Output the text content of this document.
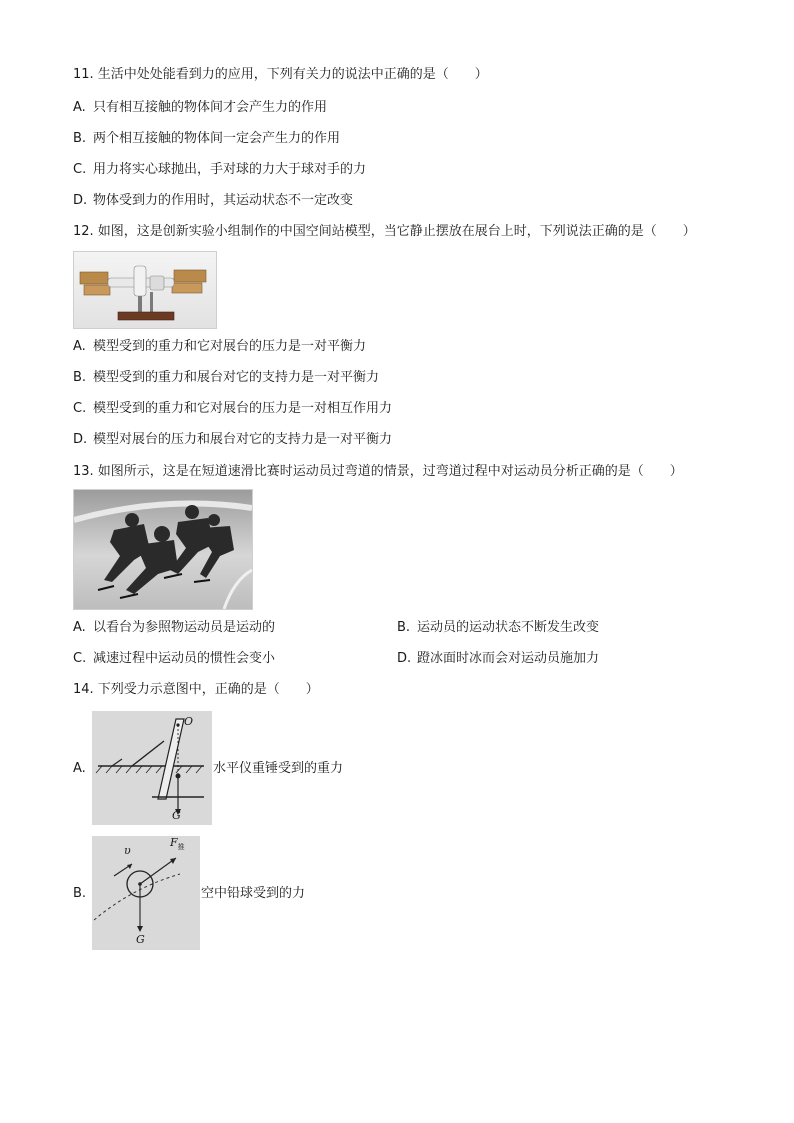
11. 生活中处处能看到力的应用，下列有关力的说法中正确的是（　　）
A. 只有相互接触的物体间才会产生力的作用
B. 两个相互接触的物体间一定会产生力的作用
C. 用力将实心球抛出，手对球的力大于球对手的力
D. 物体受到力的作用时，其运动状态不一定改变
12. 如图，这是创新实验小组制作的中国空间站模型，当它静止摆放在展台上时，下列说法正确的是（　　）
A. 模型受到的重力和它对展台的压力是一对平衡力
B. 模型受到的重力和展台对它的支持力是一对平衡力
C. 模型受到的重力和它对展台的压力是一对相互作用力
D. 模型对展台的压力和展台对它的支持力是一对平衡力
13. 如图所示，这是在短道速滑比赛时运动员过弯道的情景，过弯道过程中对运动员分析正确的是（　　）
A. 以看台为参照物运动员是运动的	B. 运动员的运动状态不断发生改变
C. 减速过程中运动员的惯性会变小	D. 蹬冰面时冰而会对运动员施加力
14. 下列受力示意图中，正确的是（　　）
A.
O
G
水平仪重锤受到的重力
B.
υ
$F_推$
G
空中铅球受到的力
